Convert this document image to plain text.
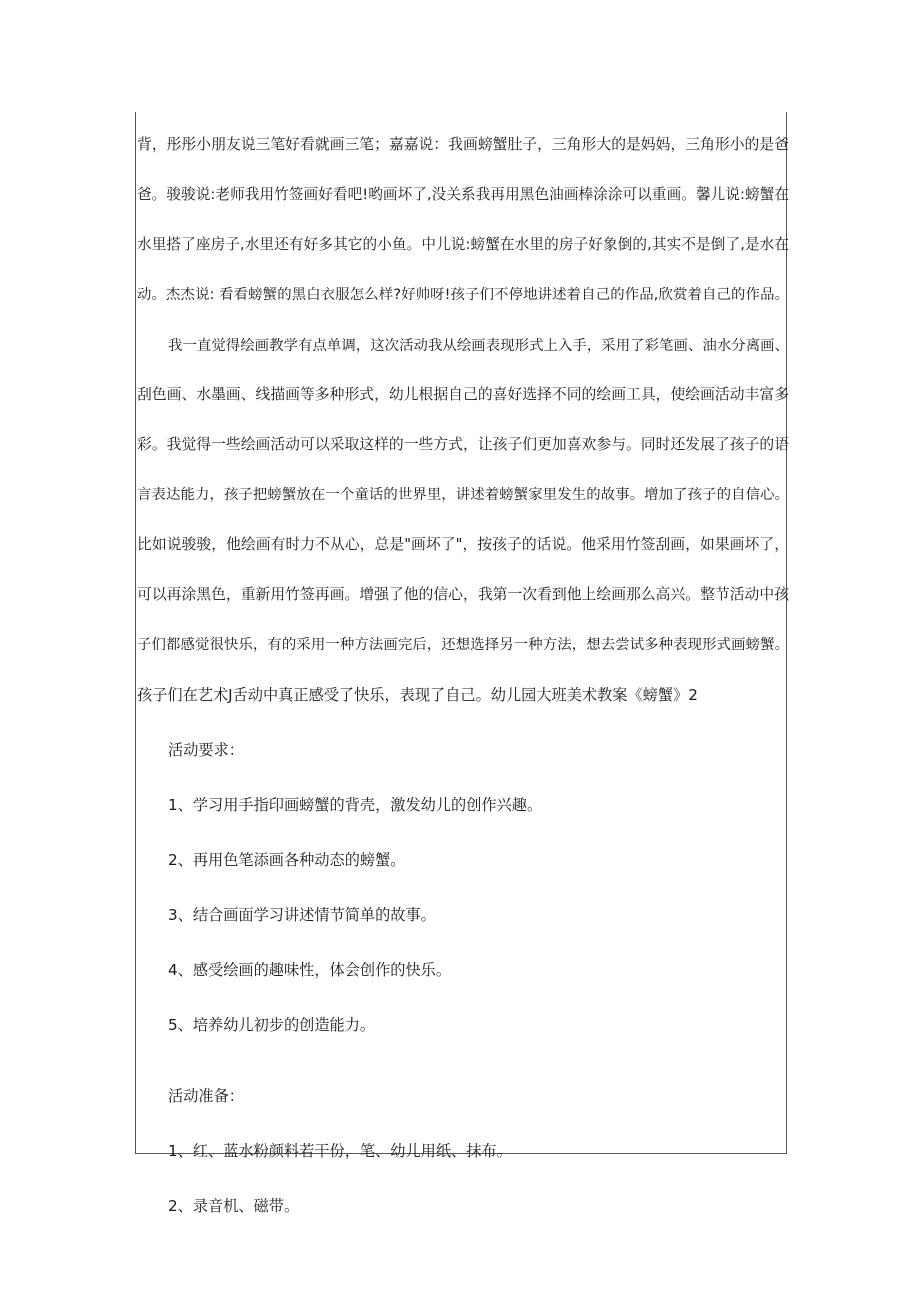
背，彤彤小朋友说三笔好看就画三笔；嘉嘉说：我画螃蟹肚子，三角形大的是妈妈，三角形小的是爸
爸。骏骏说:老师我用竹签画好看吧!哟画坏了,没关系我再用黑色油画棒涂涂可以重画。馨儿说:螃蟹在
水里搭了座房子,水里还有好多其它的小鱼。中儿说:螃蟹在水里的房子好象倒的,其实不是倒了,是水在
动。杰杰说: 看看螃蟹的黑白衣服怎么样?好帅呀!孩子们不停地讲述着自己的作品,欣赏着自己的作品。
我一直觉得绘画教学有点单调，这次活动我从绘画表现形式上入手，采用了彩笔画、油水分离画、
刮色画、水墨画、线描画等多种形式，幼儿根据自己的喜好选择不同的绘画工具，使绘画活动丰富多
彩。我觉得一些绘画活动可以采取这样的一些方式，让孩子们更加喜欢参与。同时还发展了孩子的语
言表达能力，孩子把螃蟹放在一个童话的世界里，讲述着螃蟹家里发生的故事。增加了孩子的自信心。
比如说骏骏，他绘画有时力不从心，总是"画坏了"，按孩子的话说。他采用竹签刮画，如果画坏了，
可以再涂黑色，重新用竹签再画。增强了他的信心，我第一次看到他上绘画那么高兴。整节活动中孩
子们都感觉很快乐，有的采用一种方法画完后，还想选择另一种方法，想去尝试多种表现形式画螃蟹。
孩子们在艺术J舌动中真正感受了快乐，表现了自己。幼儿园大班美术教案《螃蟹》2
活动要求：
1、学习用手指印画螃蟹的背壳，激发幼儿的创作兴趣。
2、再用色笔添画各种动态的螃蟹。
3、结合画面学习讲述情节简单的故事。
4、感受绘画的趣味性，体会创作的快乐。
5、培养幼儿初步的创造能力。
活动准备：
1、红、蓝水粉颜料若干份，笔、幼儿用纸、抹布。
2、录音机、磁带。
